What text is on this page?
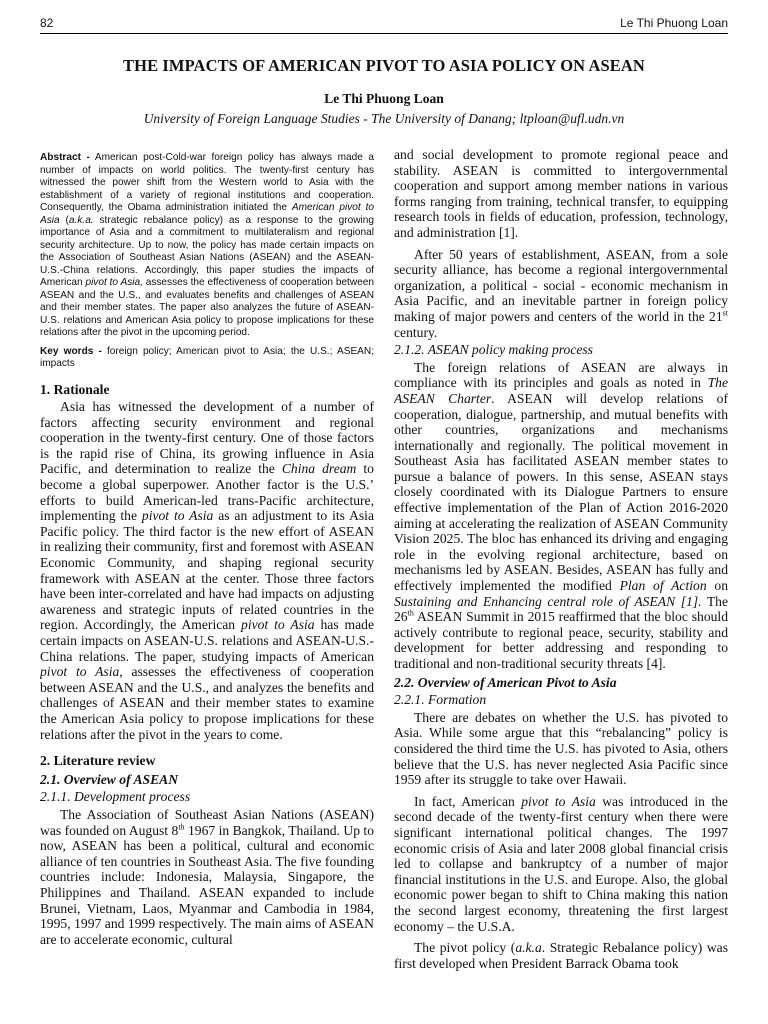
82	Le Thi Phuong Loan
THE IMPACTS OF AMERICAN PIVOT TO ASIA POLICY ON ASEAN
Le Thi Phuong Loan
University of Foreign Language Studies - The University of Danang; ltploan@ufl.udn.vn

Abstract - American post-Cold-war foreign policy has always made a number of impacts on world politics. The twenty-first century has witnessed the power shift from the Western world to Asia with the establishment of a variety of regional institutions and cooperation. Consequently, the Obama administration initiated the American pivot to Asia (a.k.a. strategic rebalance policy) as a response to the growing importance of Asia and a commitment to multilateralism and regional security architecture. Up to now, the policy has made certain impacts on the Association of Southeast Asian Nations (ASEAN) and the ASEAN-U.S.-China relations. Accordingly, this paper studies the impacts of American pivot to Asia, assesses the effectiveness of cooperation between ASEAN and the U.S., and evaluates benefits and challenges of ASEAN and their member states. The paper also analyzes the future of ASEAN-U.S. relations and American Asia policy to propose implications for these relations after the pivot in the upcoming period.

Key words - foreign policy; American pivot to Asia; the U.S.; ASEAN; impacts

1. Rationale

Asia has witnessed the development of a number of factors affecting security environment and regional cooperation in the twenty-first century. One of those factors is the rapid rise of China, its growing influence in Asia Pacific, and determination to realize the China dream to become a global superpower. Another factor is the U.S.’ efforts to build American-led trans-Pacific architecture, implementing the pivot to Asia as an adjustment to its Asia Pacific policy. The third factor is the new effort of ASEAN in realizing their community, first and foremost with ASEAN Economic Community, and shaping regional security framework with ASEAN at the center. Those three factors have been inter-correlated and have had impacts on adjusting awareness and strategic inputs of related countries in the region. Accordingly, the American pivot to Asia has made certain impacts on ASEAN-U.S. relations and ASEAN-U.S.-China relations. The paper, studying impacts of American pivot to Asia, assesses the effectiveness of cooperation between ASEAN and the U.S., and analyzes the benefits and challenges of ASEAN and their member states to examine the American Asia policy to propose implications for these relations after the pivot in the years to come.

2. Literature review
2.1. Overview of ASEAN
2.1.1. Development process

The Association of Southeast Asian Nations (ASEAN) was founded on August 8th 1967 in Bangkok, Thailand. Up to now, ASEAN has been a political, cultural and economic alliance of ten countries in Southeast Asia. The five founding countries include: Indonesia, Malaysia, Singapore, the Philippines and Thailand. ASEAN expanded to include Brunei, Vietnam, Laos, Myanmar and Cambodia in 1984, 1995, 1997 and 1999 respectively. The main aims of ASEAN are to accelerate economic, cultural

and social development to promote regional peace and stability. ASEAN is committed to intergovernmental cooperation and support among member nations in various forms ranging from training, technical transfer, to equipping research tools in fields of education, profession, technology, and administration [1].

After 50 years of establishment, ASEAN, from a sole security alliance, has become a regional intergovernmental organization, a political - social - economic mechanism in Asia Pacific, and an inevitable partner in foreign policy making of major powers and centers of the world in the 21st century.

2.1.2. ASEAN policy making process

The foreign relations of ASEAN are always in compliance with its principles and goals as noted in The ASEAN Charter. ASEAN will develop relations of cooperation, dialogue, partnership, and mutual benefits with other countries, organizations and mechanisms internationally and regionally. The political movement in Southeast Asia has facilitated ASEAN member states to pursue a balance of powers. In this sense, ASEAN stays closely coordinated with its Dialogue Partners to ensure effective implementation of the Plan of Action 2016-2020 aiming at accelerating the realization of ASEAN Community Vision 2025. The bloc has enhanced its driving and engaging role in the evolving regional architecture, based on mechanisms led by ASEAN. Besides, ASEAN has fully and effectively implemented the modified Plan of Action on Sustaining and Enhancing central role of ASEAN [1]. The 26th ASEAN Summit in 2015 reaffirmed that the bloc should actively contribute to regional peace, security, stability and development for better addressing and responding to traditional and non-traditional security threats [4].

2.2. Overview of American Pivot to Asia
2.2.1. Formation

There are debates on whether the U.S. has pivoted to Asia. While some argue that this “rebalancing” policy is considered the third time the U.S. has pivoted to Asia, others believe that the U.S. has never neglected Asia Pacific since 1959 after its struggle to take over Hawaii.

In fact, American pivot to Asia was introduced in the second decade of the twenty-first century when there were significant international political changes. The 1997 economic crisis of Asia and later 2008 global financial crisis led to collapse and bankruptcy of a number of major financial institutions in the U.S. and Europe. Also, the global economic power began to shift to China making this nation the second largest economy, threatening the first largest economy – the U.S.A.

The pivot policy (a.k.a. Strategic Rebalance policy) was first developed when President Barrack Obama took
